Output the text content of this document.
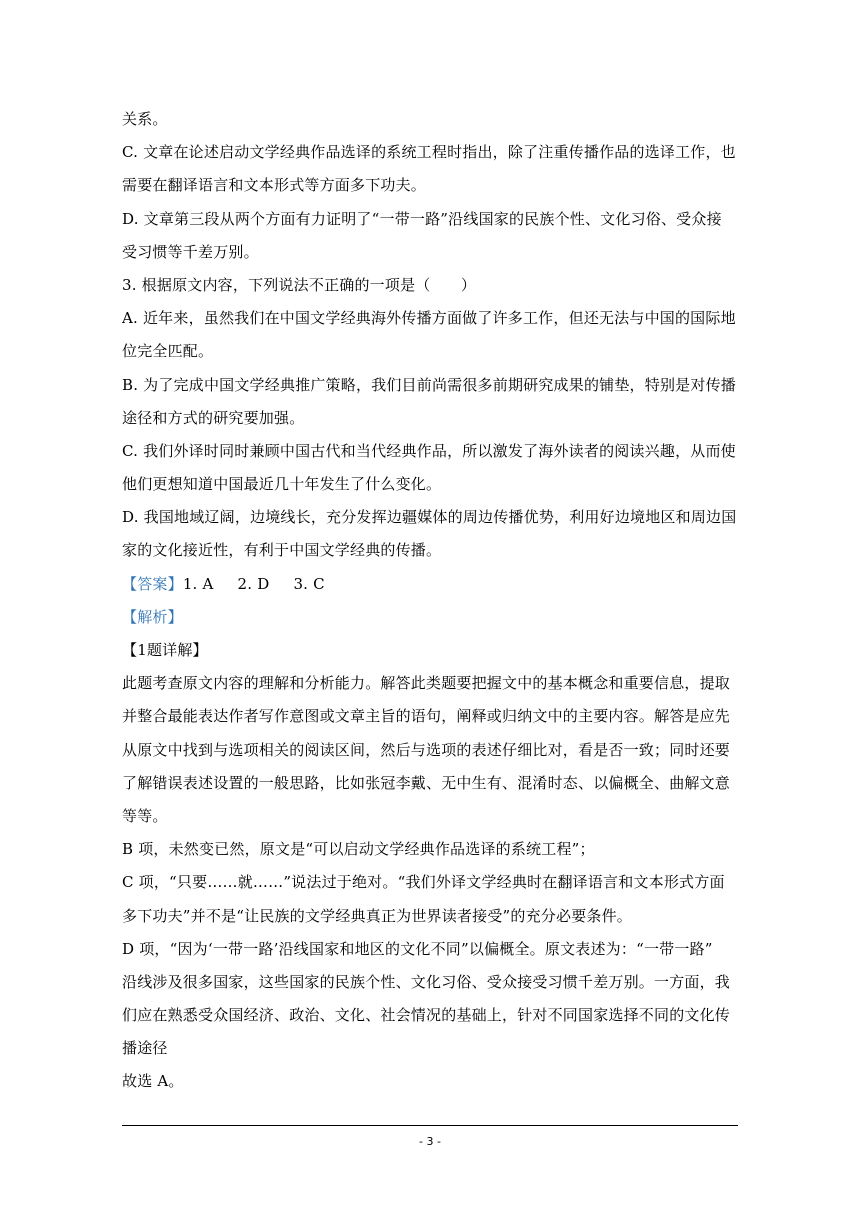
关系。
C. 文章在论述启动文学经典作品选译的系统工程时指出，除了注重传播作品的选译工作，也
需要在翻译语言和文本形式等方面多下功夫。
D. 文章第三段从两个方面有力证明了“一带一路”沿线国家的民族个性、文化习俗、受众接
受习惯等千差万别。
3. 根据原文内容，下列说法不正确的一项是（　　）
A. 近年来，虽然我们在中国文学经典海外传播方面做了许多工作，但还无法与中国的国际地
位完全匹配。
B. 为了完成中国文学经典推广策略，我们目前尚需很多前期研究成果的铺垫，特别是对传播
途径和方式的研究要加强。
C. 我们外译时同时兼顾中国古代和当代经典作品，所以激发了海外读者的阅读兴趣，从而使
他们更想知道中国最近几十年发生了什么变化。
D. 我国地域辽阔，边境线长，充分发挥边疆媒体的周边传播优势，利用好边境地区和周边国
家的文化接近性，有利于中国文学经典的传播。
【答案】1. A 2. D 3. C
【解析】
【1题详解】
此题考查原文内容的理解和分析能力。解答此类题要把握文中的基本概念和重要信息，提取
并整合最能表达作者写作意图或文章主旨的语句，阐释或归纳文中的主要内容。解答是应先
从原文中找到与选项相关的阅读区间，然后与选项的表述仔细比对，看是否一致；同时还要
了解错误表述设置的一般思路，比如张冠李戴、无中生有、混淆时态、以偏概全、曲解文意
等等。
B 项，未然变已然，原文是“可以启动文学经典作品选译的系统工程”；
C 项，“只要……就……”说法过于绝对。“我们外译文学经典时在翻译语言和文本形式方面
多下功夫”并不是“让民族的文学经典真正为世界读者接受”的充分必要条件。
D 项，“因为‘一带一路’沿线国家和地区的文化不同”以偏概全。原文表述为：“一带一路”
沿线涉及很多国家，这些国家的民族个性、文化习俗、受众接受习惯千差万别。一方面，我
们应在熟悉受众国经济、政治、文化、社会情况的基础上，针对不同国家选择不同的文化传
播途径
故选 A。
- 3 -
